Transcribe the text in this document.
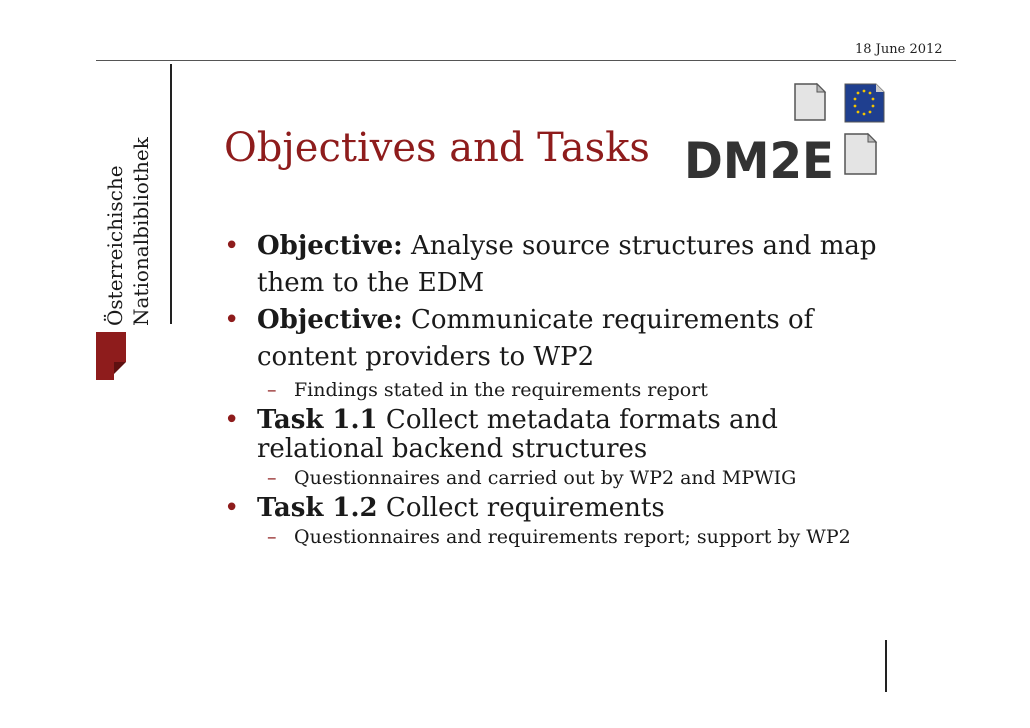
18 June 2012
Österreichische Nationalbibliothek Objectives and Tasks DM2E
• Objective: Analyse source structures and map them to the EDM
• Objective: Communicate requirements of content providers to WP2
– Findings stated in the requirements report
• Task 1.1 Collect metadata formats and relational backend structures
– Questionnaires and carried out by WP2 and MPWIG
• Task 1.2 Collect requirements
– Questionnaires and requirements report; support by WP2
